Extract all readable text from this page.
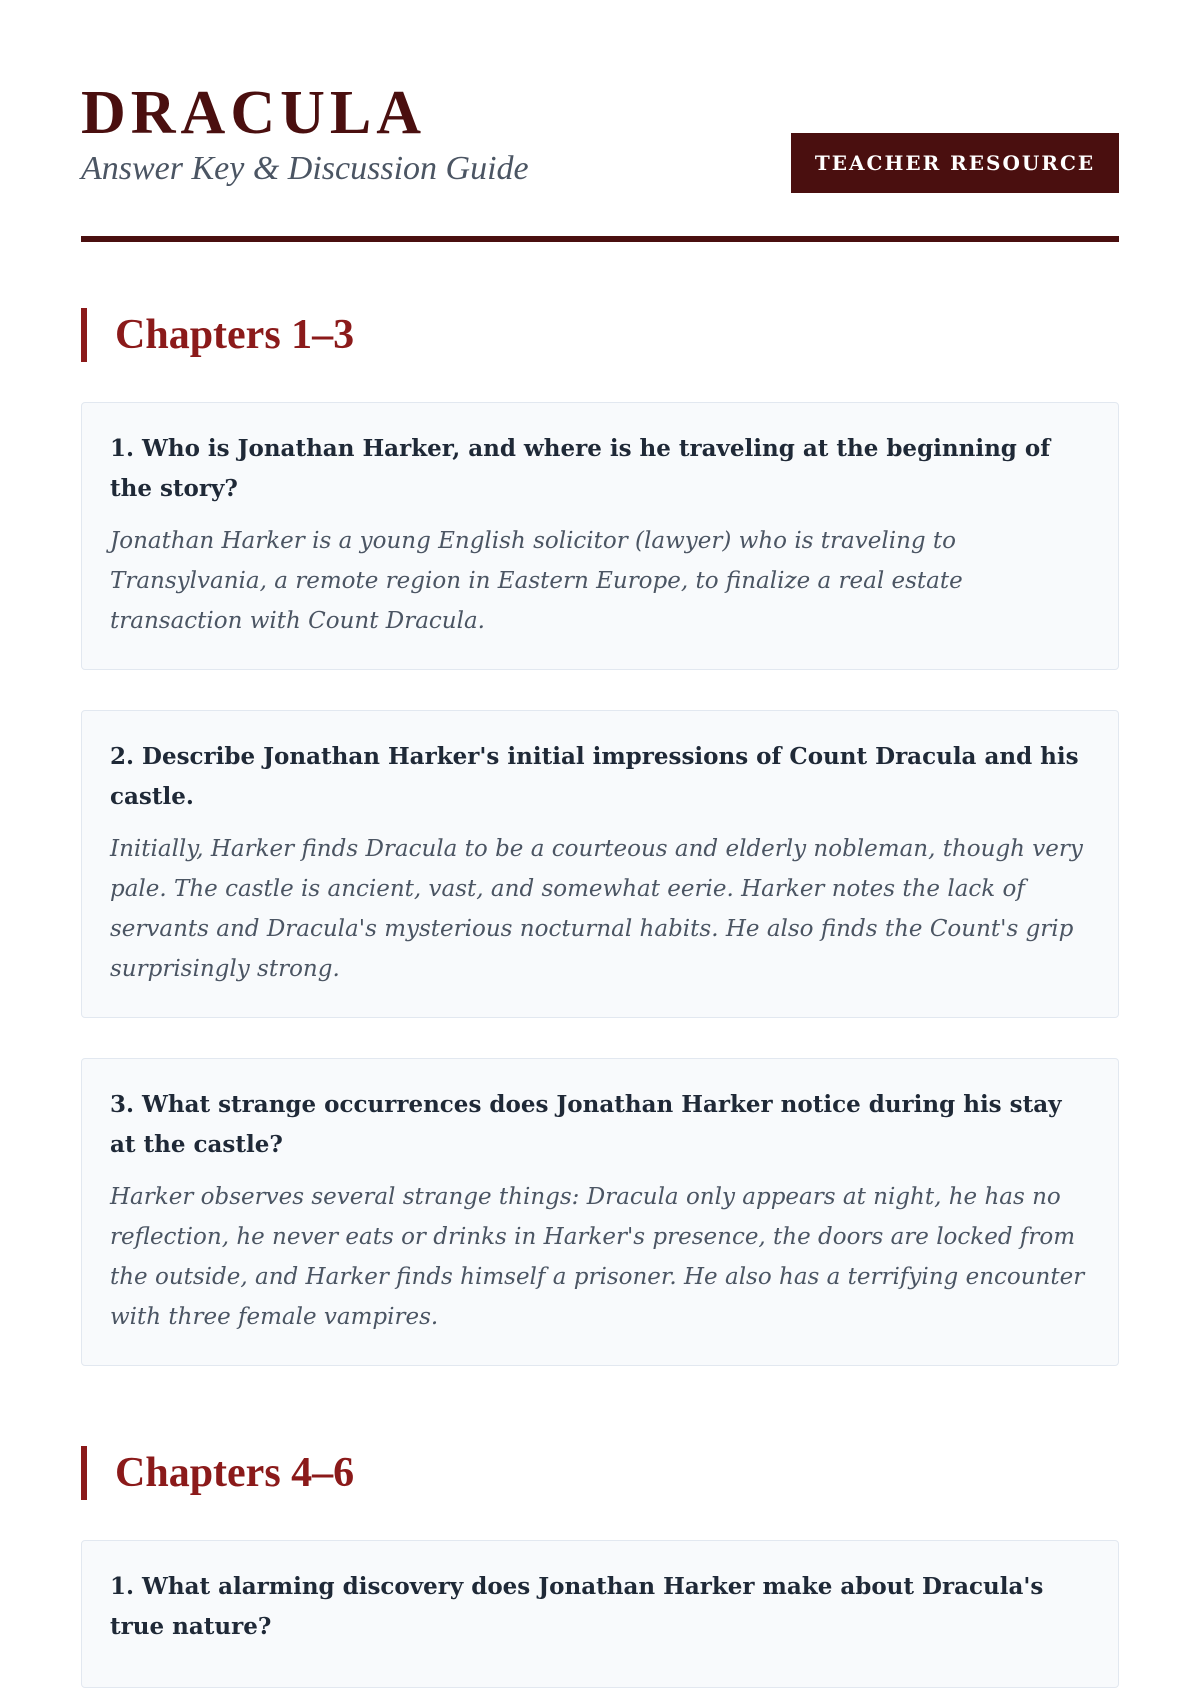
DRACULA
Answer Key & Discussion Guide	TEACHER RESOURCE
Chapters 1–3

1. Who is Jonathan Harker, and where is he traveling at the beginning of the story?

Jonathan Harker is a young English solicitor (lawyer) who is traveling to Transylvania, a remote region in Eastern Europe, to finalize a real estate transaction with Count Dracula.

2. Describe Jonathan Harker's initial impressions of Count Dracula and his castle.

Initially, Harker finds Dracula to be a courteous and elderly nobleman, though very pale. The castle is ancient, vast, and somewhat eerie. Harker notes the lack of servants and Dracula's mysterious nocturnal habits. He also finds the Count's grip surprisingly strong.

3. What strange occurrences does Jonathan Harker notice during his stay at the castle?

Harker observes several strange things: Dracula only appears at night, he has no reflection, he never eats or drinks in Harker's presence, the doors are locked from the outside, and Harker finds himself a prisoner. He also has a terrifying encounter with three female vampires.

Chapters 4–6

1. What alarming discovery does Jonathan Harker make about Dracula's true nature?
